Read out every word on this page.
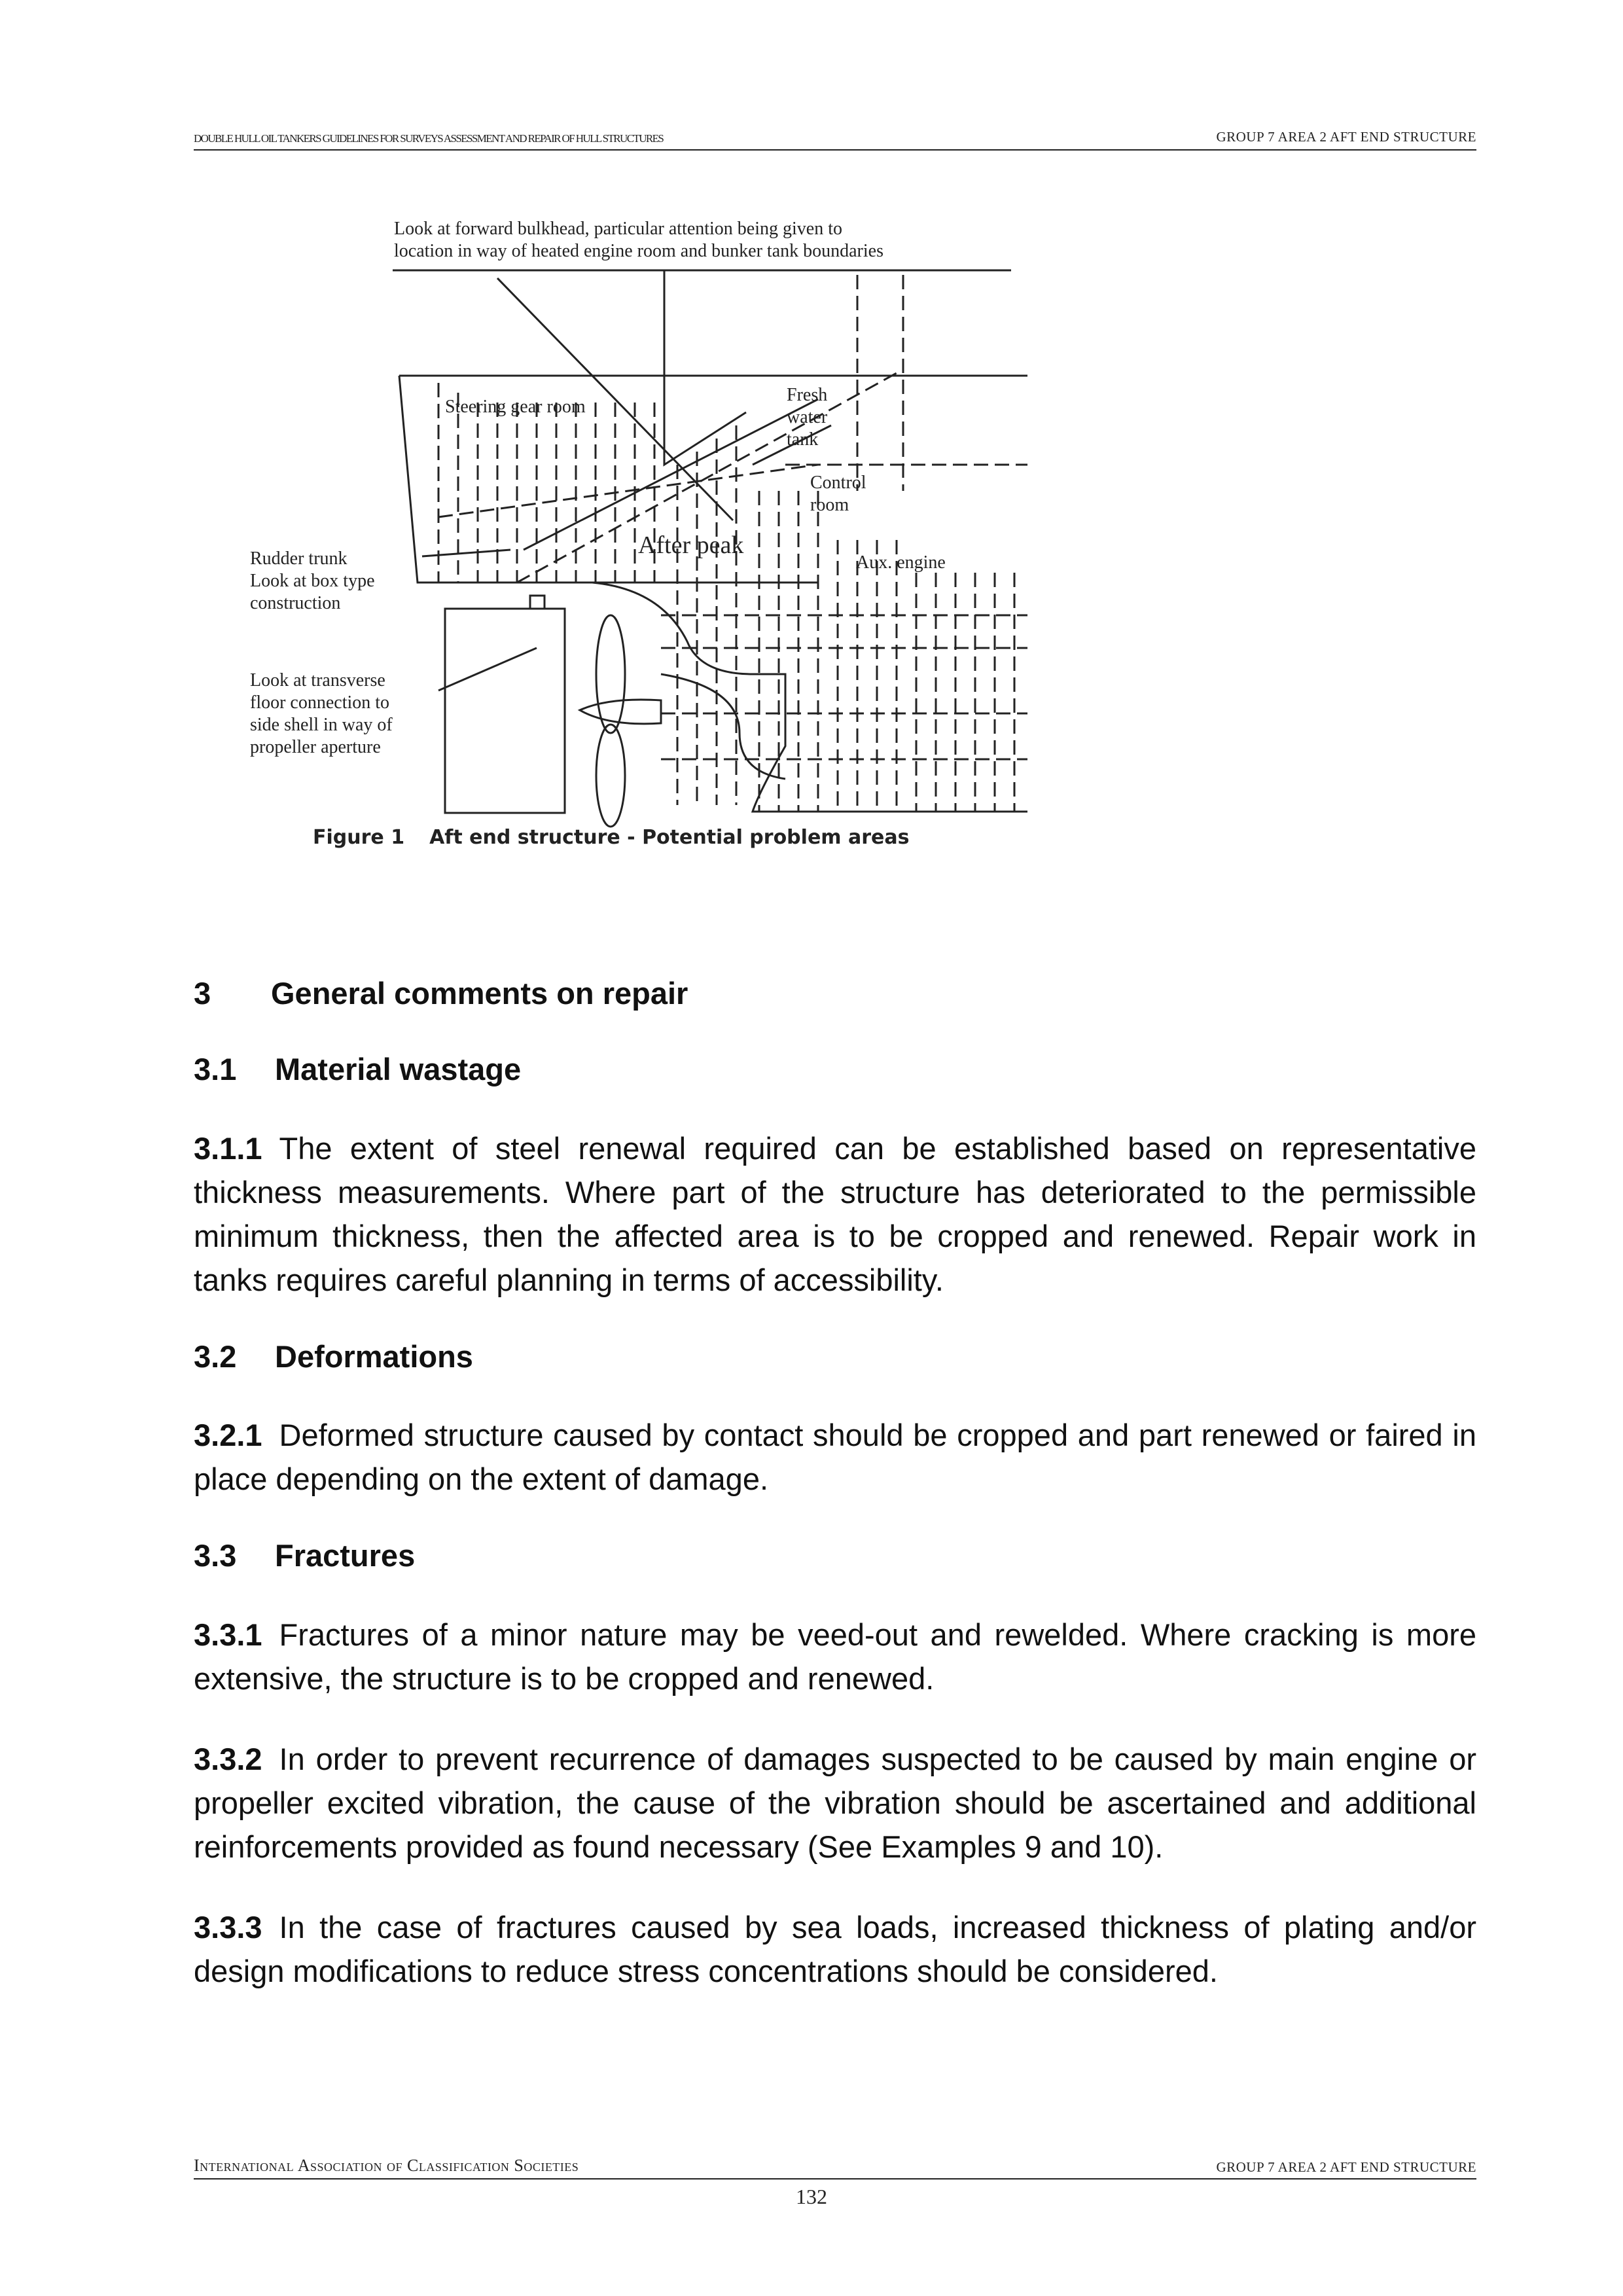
DOUBLE HULL OIL TANKERS GUIDELINES FOR SURVEYS ASSESSMENT AND REPAIR OF HULL STRUCTURES	GROUP 7 AREA 2 AFT END STRUCTURE
Look at forward bulkhead, particular attention being given to
location in way of heated engine room and bunker tank boundaries
Steering gear room
Fresh
water
tank
Control
room
After peak
Aux. engine
Rudder trunk
Look at box type
construction
Look at transverse
floor connection to
side shell in way of
propeller aperture
Figure 1 Aft end structure - Potential problem areas
3 General comments on repair
3.1 Material wastage
3.1.1 The extent of steel renewal required can be established based on representative thickness measurements. Where part of the structure has deteriorated to the permissible minimum thickness, then the affected area is to be cropped and renewed. Repair work in tanks requires careful planning in terms of accessibility.
3.2 Deformations
3.2.1 Deformed structure caused by contact should be cropped and part renewed or faired in place depending on the extent of damage.
3.3 Fractures
3.3.1 Fractures of a minor nature may be veed-out and rewelded. Where cracking is more extensive, the structure is to be cropped and renewed.
3.3.2 In order to prevent recurrence of damages suspected to be caused by main engine or propeller excited vibration, the cause of the vibration should be ascertained and additional reinforcements provided as found necessary (See Examples 9 and 10).
3.3.3 In the case of fractures caused by sea loads, increased thickness of plating and/or design modifications to reduce stress concentrations should be considered.
International Association of Classification Societies	GROUP 7 AREA 2 AFT END STRUCTURE
132
